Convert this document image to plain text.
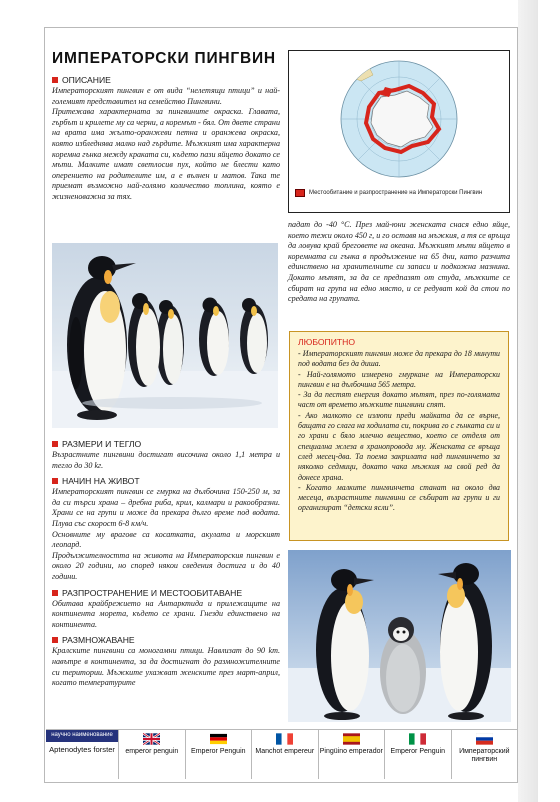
ИМПЕРАТОРСКИ ПИНГВИН
ОПИСАНИЕ

Императорският пингвин е от вида “нелетящи птици” и най-големият представител на семейство Пингвини.

Притежава характерната за пингвините окраска. Главата, гърбът и крилете му са черни, а коремът - бял. От двете страни на врата има жълто-оранжеви петна и оранжева окраска, която избледнява малко над гърдите. Мъжкият има характерна коремна гънка между краката си, където пази яйцето докато се мъти. Малките имат светлосив пух, който не блести като оперението на родителите им, а е вълнен и матов. Така те приемат възможно най-голямо количество топлина, която е жизненоважна за тях.

РАЗМЕРИ И ТЕГЛО

Възрастните пингвини достигат височина около 1,1 метра и тегло до 30 kг.

НАЧИН НА ЖИВОТ

Императорският пингвин се гмурка на дълбочина 150-250 м, за да си търси храна – дребна риба, крил, калмари и ракообразни. Храни се на групи и може да прекара дълго време под водата. Плува със скорост 6-8 км/ч.

Основните му врагове са косатката, акулата и морският леопард.

Продължителността на живота на Императорския пингвин е около 20 години, но според някои сведения достига и до 40 години.

РАЗПРОСТРАНЕНИЕ И МЕСТООБИТАВАНЕ

Обитава крайбрежието на Антарктида и прилежащите на континента морета, където се храни. Гнезди единствено на континента.

РАЗМНОЖАВАНЕ

Кралските пингвини са моногамни птици. Навлизат до 90 km. навътре в континента, за да достигнат до размножителните си територии. Мъжките ухажват женските през март-април, когато температурите

Местообитание и разпространение на Императорски Пингвин

падат до -40 °C. През май-юни женската снася едно яйце, което тежи около 450 г, и го оставя на мъжкия, а тя се връща да ловува край бреговете на океана. Мъжкият мъти яйцето в коремната си гънка в продължение на 65 дни, като разчита единствено на хранителните си запаси и подкожна мазнина. Докато мътят, за да се предпазят от студа, мъжките се сбират на група на едно място, и се редуват кой да стои по средата на групата.

ЛЮБОПИТНО

- Императорският пингвин може да прекара до 18 минути под водата без да диша.

- Най-голямото измерено гмуркане на Императорски пингвин е на дълбочина 565 метра.

- За да пестят енергия докато мътят, през по-голямата част от времето мъжките пингвини спят.

- Ако малкото се излюпи преди майката да се върне, бащата го слага на ходилата си, покрива го с гънката си и го храни с бяло млечно вещество, което се отделя от специална жлеза в хранопровода му. Женската се връща след месец-два. Та поема закрилата над пингвинчето за няколко седмици, докато чака мъжкия на свой ред да донесе храна.

- Когато малките пингвинчета станат на около два месеца, възрастните пингвини се събират на групи и ги организират “детски ясли”.

научно наименование
Aptenodytes forster emperor penguin Emperor Penguin Manchot empereur Pingüino emperador Emperor Penguin	Императорский пингвин
